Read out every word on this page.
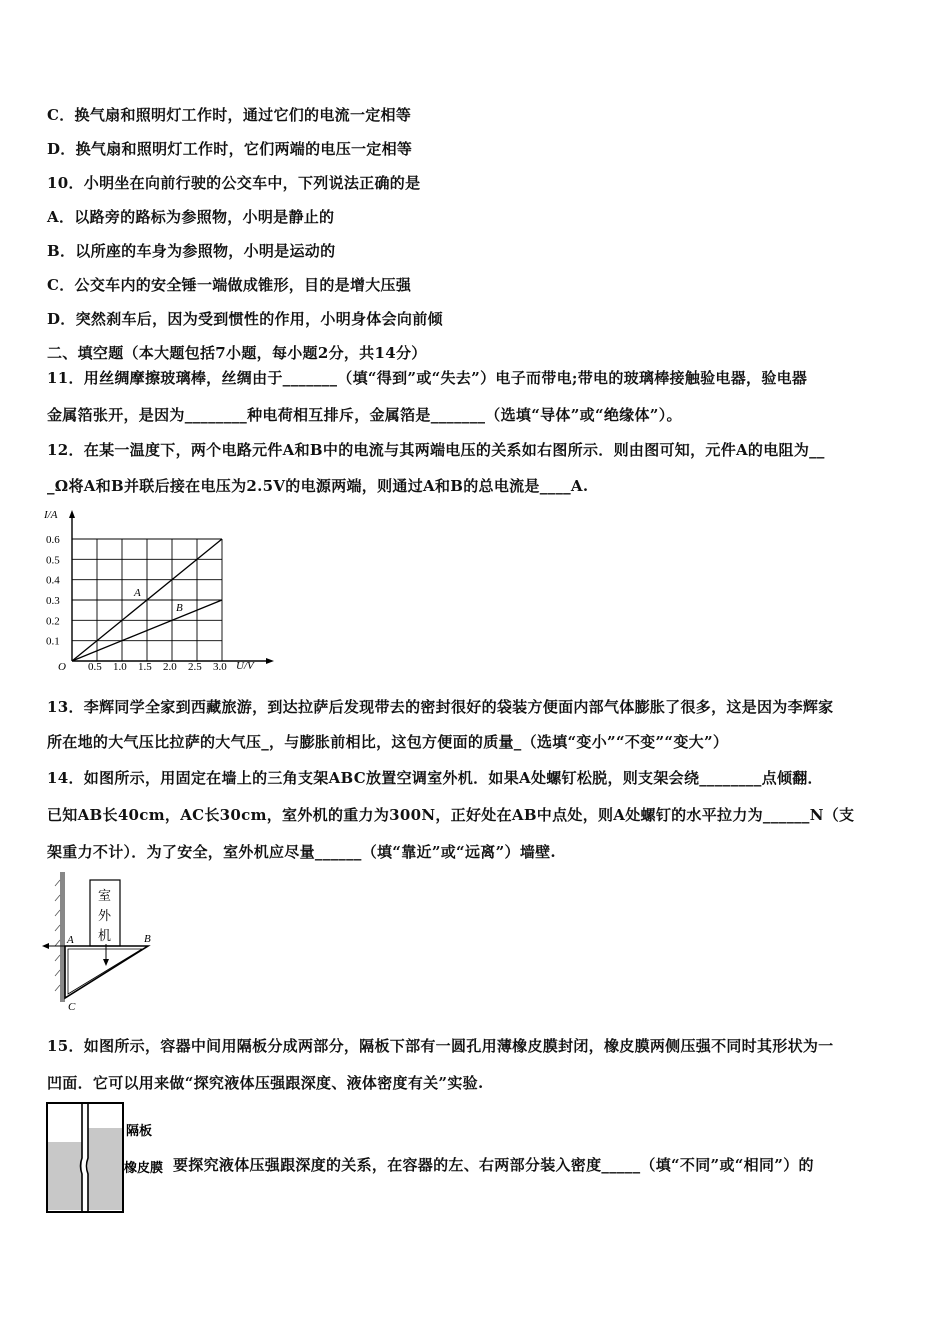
C．换气扇和照明灯工作时，通过它们的电流一定相等
D．换气扇和照明灯工作时，它们两端的电压一定相等
10．小明坐在向前行驶的公交车中，下列说法正确的是
A．以路旁的路标为参照物，小明是静止的
B．以所座的车身为参照物，小明是运动的
C．公交车内的安全锤一端做成锥形，目的是增大压强
D．突然刹车后，因为受到惯性的作用，小明身体会向前倾
二、填空题（本大题包括7小题，每小题2分，共14分）
11．用丝绸摩擦玻璃棒，丝绸由于_______（填“得到”或“失去”）电子而带电;带电的玻璃棒接触验电器，验电器
金属箔张开，是因为________种电荷相互排斥，金属箔是_______（选填“导体”或“绝缘体”）。
12．在某一温度下，两个电路元件A和B中的电流与其两端电压的关系如右图所示．则由图可知，元件A的电阻为__
_Ω将A和B并联后接在电压为2.5V的电源两端，则通过A和B的总电流是____A.
I/A
U/V
O
A
B
0.1
0.2
0.3
0.4
0.5
0.6
0.5 1.0 1.5 2.0 2.5 3.0
13．李辉同学全家到西藏旅游，到达拉萨后发现带去的密封很好的袋装方便面内部气体膨胀了很多，这是因为李辉家
所在地的大气压比拉萨的大气压_，与膨胀前相比，这包方便面的质量_（选填“变小”“不变”“变大”）
14．如图所示，用固定在墙上的三角支架ABC放置空调室外机．如果A处螺钉松脱，则支架会绕________点倾翻．
已知AB长40cm，AC长30cm，室外机的重力为300N，正好处在AB中点处，则A处螺钉的水平拉力为______N（支
架重力不计）．为了安全，室外机应尽量______（填“靠近”或“远离”）墙壁.
室
外
机
A	B
C
15．如图所示，容器中间用隔板分成两部分，隔板下部有一圆孔用薄橡皮膜封闭，橡皮膜两侧压强不同时其形状为一
凹面．它可以用来做“探究液体压强跟深度、液体密度有关”实验.
隔板
橡皮膜 要探究液体压强跟深度的关系，在容器的左、右两部分装入密度_____（填“不同”或“相同”）的
